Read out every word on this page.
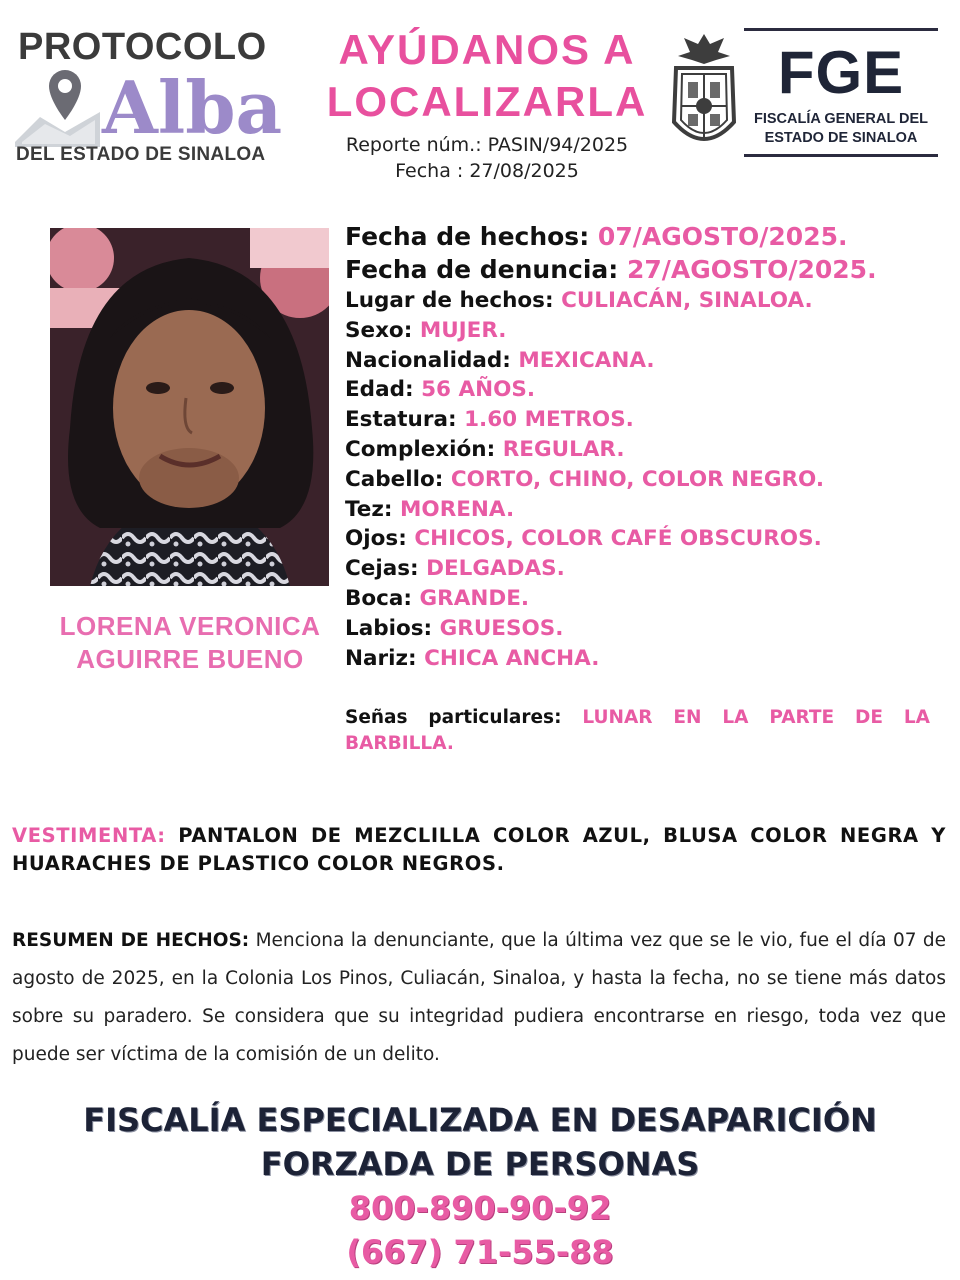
PROTOCOLO
Alba
DEL ESTADO DE SINALOA
AYÚDANOS A
LOCALIZARLA
Reporte núm.: PASIN/94/2025
Fecha : 27/08/2025
FGE
FISCALÍA GENERAL DEL
ESTADO DE SINALOA
LORENA VERONICA
AGUIRRE BUENO
Fecha de hechos: 07/AGOSTO/2025.
Fecha de denuncia: 27/AGOSTO/2025.
Lugar de hechos: CULIACÁN, SINALOA.
Sexo: MUJER.
Nacionalidad: MEXICANA.
Edad: 56 AÑOS.
Estatura: 1.60 METROS.
Complexión: REGULAR.
Cabello: CORTO, CHINO, COLOR NEGRO.
Tez: MORENA.
Ojos: CHICOS, COLOR CAFÉ OBSCUROS.
Cejas: DELGADAS.
Boca: GRANDE.
Labios: GRUESOS.
Nariz: CHICA ANCHA.
Señas particulares: LUNAR EN LA PARTE DE LA BARBILLA.
VESTIMENTA: PANTALON DE MEZCLILLA COLOR AZUL, BLUSA COLOR NEGRA Y HUARACHES DE PLASTICO COLOR NEGROS.
RESUMEN DE HECHOS: Menciona la denunciante, que la última vez que se le vio, fue el día 07 de agosto de 2025, en la Colonia Los Pinos, Culiacán, Sinaloa, y hasta la fecha, no se tiene más datos sobre su paradero. Se considera que su integridad pudiera encontrarse en riesgo, toda vez que puede ser víctima de la comisión de un delito.
FISCALÍA ESPECIALIZADA EN DESAPARICIÓN
FORZADA DE PERSONAS
800-890-90-92
(667) 71-55-88
